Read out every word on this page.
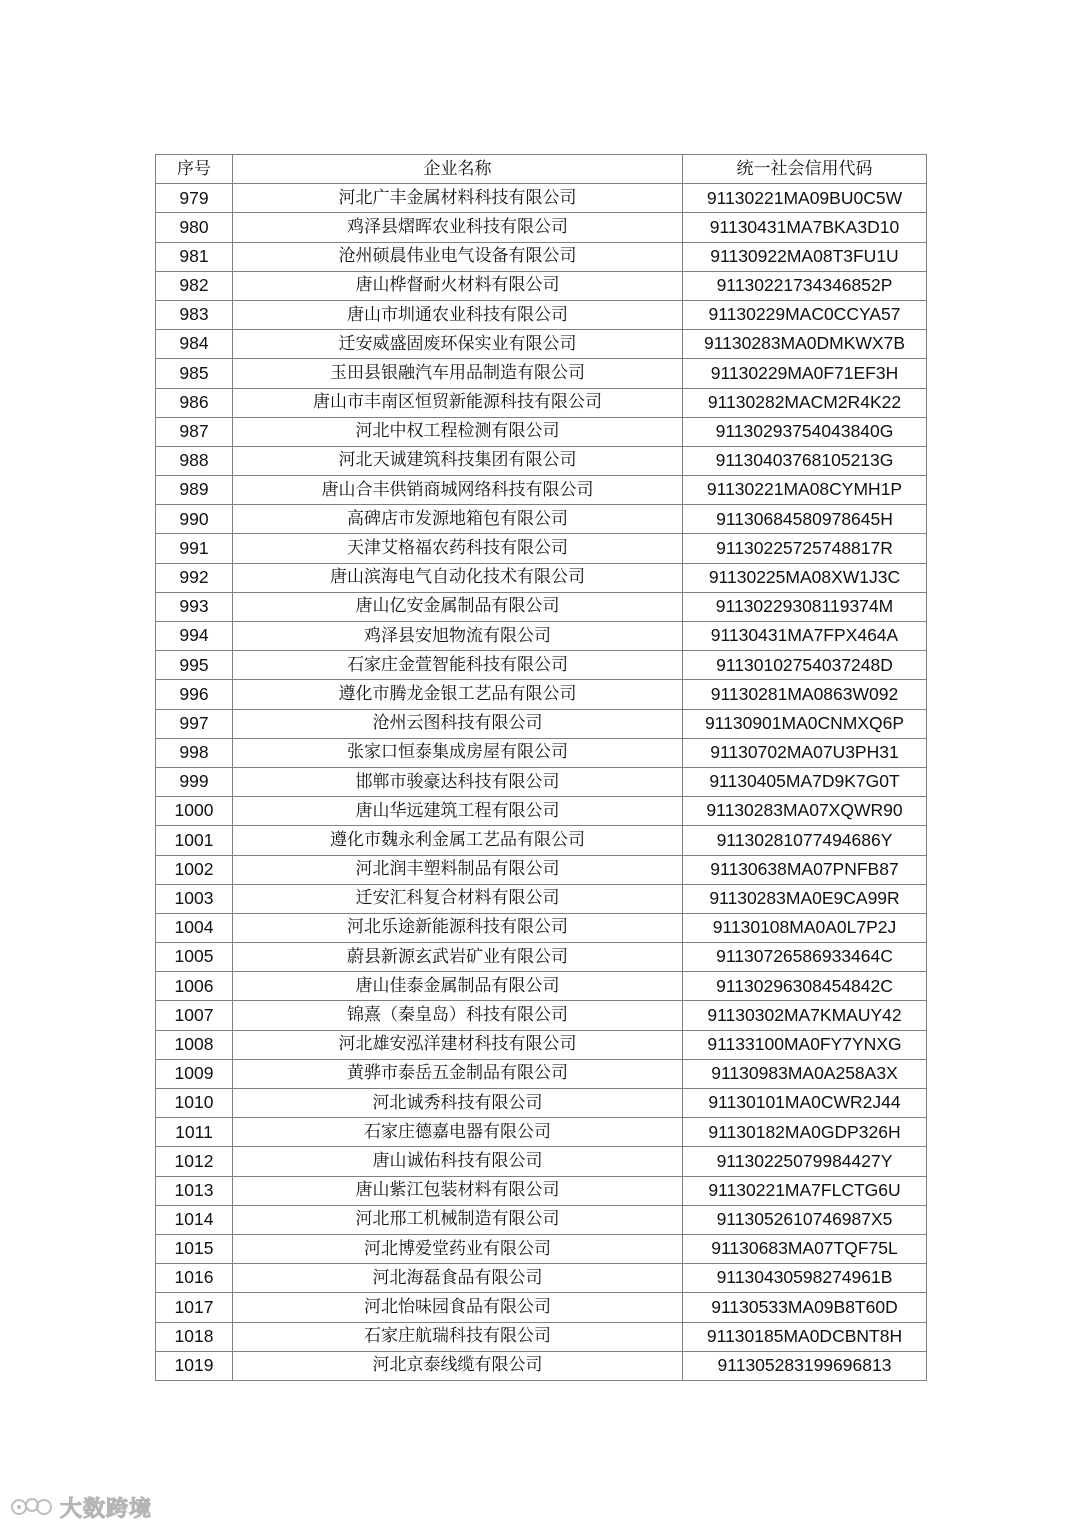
序号	企业名称	统一社会信用代码
979	河北广丰金属材料科技有限公司	91130221MA09BU0C5W
980	鸡泽县熠晖农业科技有限公司	91130431MA7BKA3D10
981	沧州硕晨伟业电气设备有限公司	91130922MA08T3FU1U
982	唐山桦督耐火材料有限公司	91130221734346852P
983	唐山市圳通农业科技有限公司	91130229MAC0CCYA57
984	迁安威盛固废环保实业有限公司	91130283MA0DMKWX7B
985	玉田县银融汽车用品制造有限公司	91130229MA0F71EF3H
986	唐山市丰南区恒贸新能源科技有限公司	91130282MACM2R4K22
987	河北中权工程检测有限公司	91130293754043840G
988	河北天诚建筑科技集团有限公司	91130403768105213G
989	唐山合丰供销商城网络科技有限公司	91130221MA08CYMH1P
990	高碑店市发源地箱包有限公司	91130684580978645H
991	天津艾格福农药科技有限公司	91130225725748817R
992	唐山滨海电气自动化技术有限公司	91130225MA08XW1J3C
993	唐山亿安金属制品有限公司	91130229308119374M
994	鸡泽县安旭物流有限公司	91130431MA7FPX464A
995	石家庄金萱智能科技有限公司	91130102754037248D
996	遵化市腾龙金银工艺品有限公司	91130281MA0863W092
997	沧州云图科技有限公司	91130901MA0CNMXQ6P
998	张家口恒泰集成房屋有限公司	91130702MA07U3PH31
999	邯郸市骏豪达科技有限公司	91130405MA7D9K7G0T
1000	唐山华远建筑工程有限公司	91130283MA07XQWR90
1001	遵化市魏永利金属工艺品有限公司	9113028107749468​6Y
1002	河北润丰塑料制品有限公司	91130638MA07PNFB87
1003	迁安汇科复合材料有限公司	91130283MA0E9CA99R
1004	河北乐途新能源科技有限公司	91130108MA0A0L7P2J
1005	蔚县新源玄武岩矿业有限公司	91130726586933464C
1006	唐山佳泰金属制品有限公司	91130296308454842C
1007	锦熹（秦皇岛）科技有限公司	91130302MA7KMAUY42
1008	河北雄安泓洋建材科技有限公司	91133100MA0FY7YNXG
1009	黄骅市泰岳五金制品有限公司	91130983MA0A258A3X
1010	河北诚秀科技有限公司	91130101MA0CWR2J44
1011	石家庄德嘉电器有限公司	91130182MA0GDP326H
1012	唐山诚佑科技有限公司	91130225079984427Y
1013	唐山紫江包装材料有限公司	91130221MA7FLCTG6U
1014	河北邢工机械制造有限公司	9113052610746987X5
1015	河北博爱堂药业有限公司	91130683MA07TQF75L
1016	河北海磊食品有限公司	91130430598274961B
1017	河北怡味园食品有限公司	91130533MA09B8T60D
1018	石家庄航瑞科技有限公司	91130185MA0DCBNT8H
1019	河北京泰线缆有限公司	91130528319969681​3
大数跨境
